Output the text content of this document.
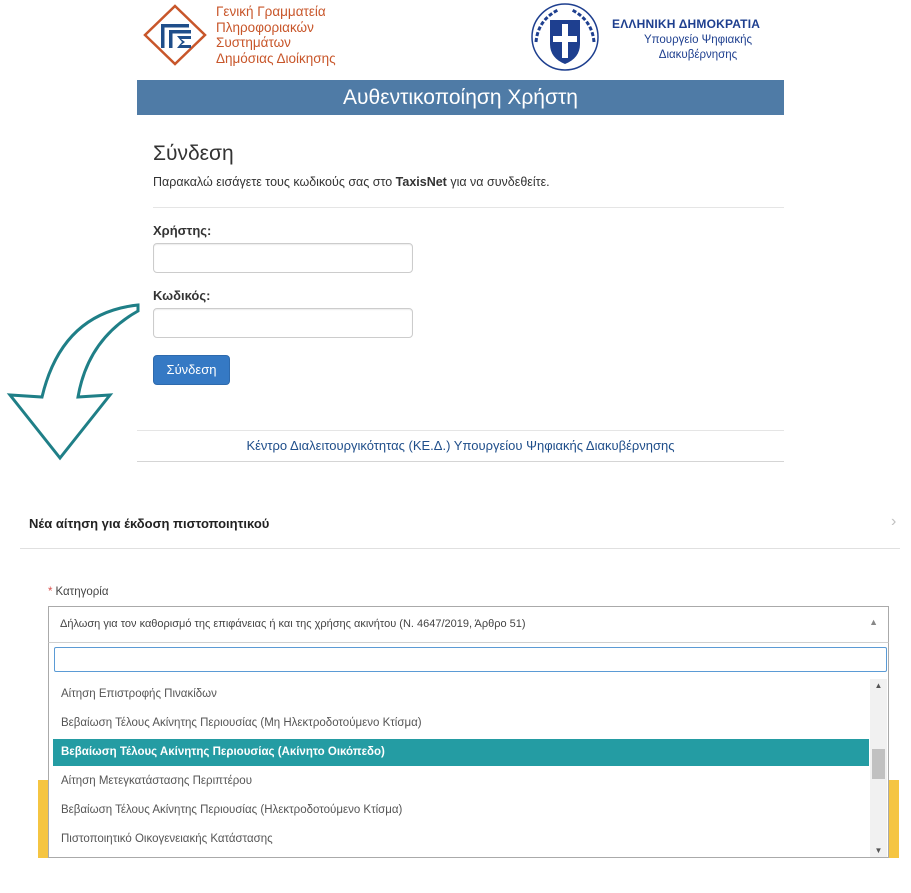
Γενική Γραμματεία
Πληροφοριακών
Συστημάτων
Δημόσιας Διοίκησης
ΕΛΛΗΝΙΚΗ ΔΗΜΟΚΡΑΤΙΑ
Υπουργείο Ψηφιακής
Διακυβέρνησης
Αυθεντικοποίηση Χρήστη
Σύνδεση
Παρακαλώ εισάγετε τους κωδικούς σας στο TaxisNet για να συνδεθείτε.
Χρήστης:
Κωδικός:
Σύνδεση
Κέντρο Διαλειτουργικότητας (ΚΕ.Δ.) Υπουργείου Ψηφιακής Διακυβέρνησης
Νέα αίτηση για έκδοση πιστοποιητικού	›
* Κατηγορία
Δήλωση για τον καθορισμό της επιφάνειας ή και της χρήσης ακινήτου (Ν. 4647/2019, Άρθρο 51)	▲
Αίτηση Επιστροφής Πινακίδων
Βεβαίωση Τέλους Ακίνητης Περιουσίας (Μη Ηλεκτροδοτούμενο Κτίσμα)
Βεβαίωση Τέλους Ακίνητης Περιουσίας (Ακίνητο Οικόπεδο)
Αίτηση Μετεγκατάστασης Περιπτέρου
Βεβαίωση Τέλους Ακίνητης Περιουσίας (Ηλεκτροδοτούμενο Κτίσμα)
Πιστοποιητικό Οικογενειακής Κατάστασης
▲
▼
